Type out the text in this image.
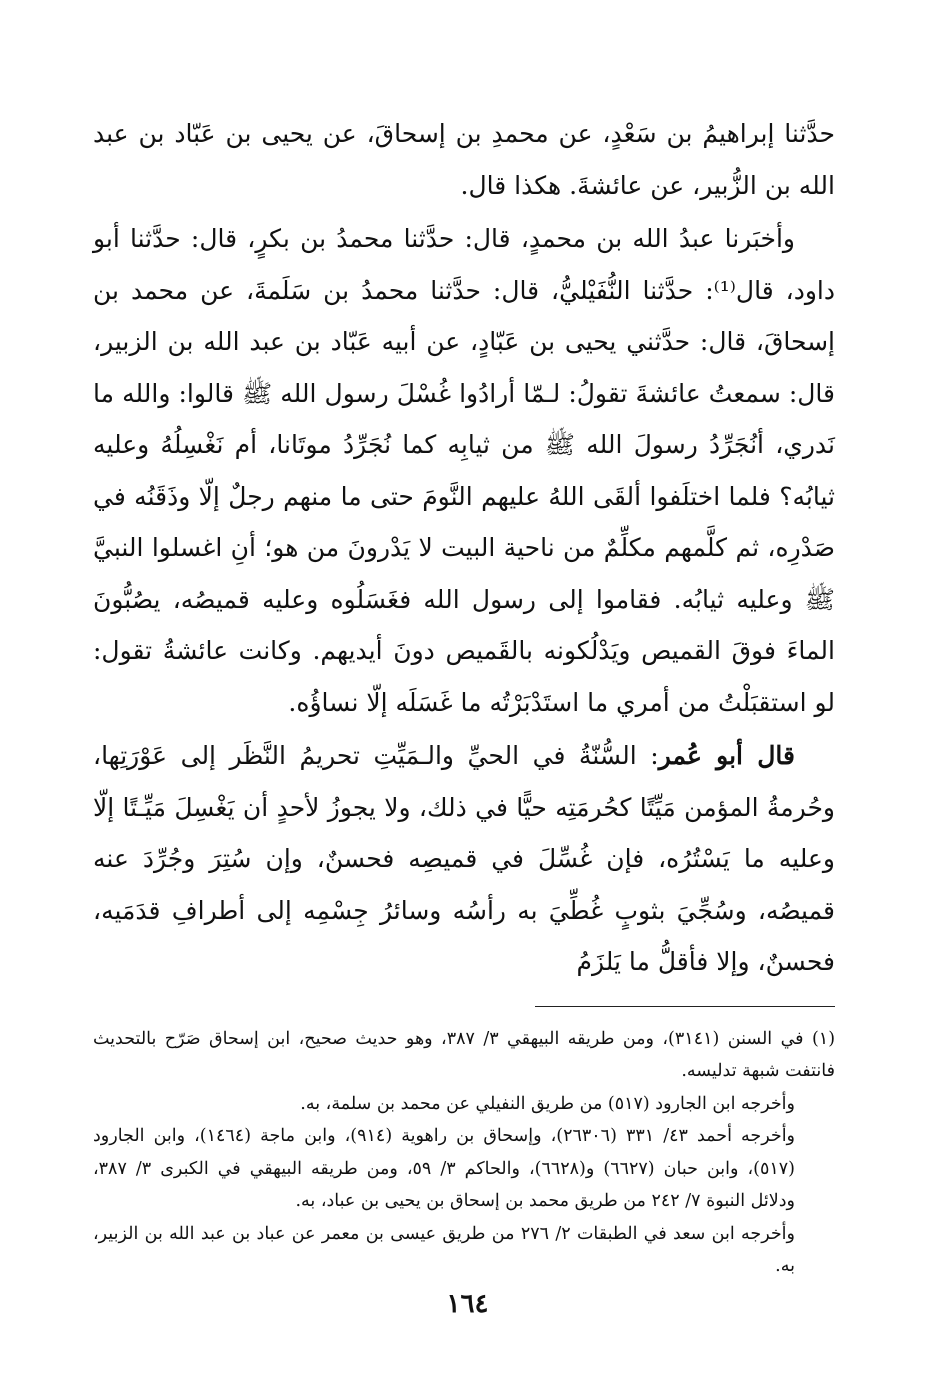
حدَّثنا إبراهيمُ بن سَعْدٍ، عن محمدِ بن إسحاقَ، عن يحيى بن عَبّاد بن عبد الله بن الزُّبير، عن عائشةَ. هكذا قال.

وأخبَرنا عبدُ الله بن محمدٍ، قال: حدَّثنا محمدُ بن بكرٍ، قال: حدَّثنا أبو داود، قال⁽¹⁾: حدَّثنا النُّفَيْليُّ، قال: حدَّثنا محمدُ بن سَلَمةَ، عن محمد بن إسحاقَ، قال: حدَّثني يحيى بن عَبّادٍ، عن أبيه عَبّاد بن عبد الله بن الزبير، قال: سمعتُ عائشةَ تقولُ: لـمّا أرادُوا غُسْلَ رسول الله ﷺ قالوا: والله ما نَدري، أنُجَرِّدُ رسولَ الله ﷺ من ثيابِه كما نُجَرِّدُ موتَانا، أم نَغْسِلُهُ وعليه ثيابُه؟ فلما اختلَفوا ألقَى اللهُ عليهم النَّومَ حتى ما منهم رجلٌ إلّا وذَقَنُه في صَدْرِه، ثم كلَّمهم مكلِّمٌ من ناحية البيت لا يَدْرونَ من هو؛ أنِ اغسلوا النبيَّ ﷺ وعليه ثيابُه. فقاموا إلى رسول الله فغَسَلُوه وعليه قميصُه، يصُبُّونَ الماءَ فوقَ القميص ويَدْلُكونه بالقَميص دونَ أيديهم. وكانت عائشةُ تقول: لو استقبَلْتُ من أمري ما استَدْبَرْتُه ما غَسَلَه إلّا نساؤُه.

قال أبو عُمر: السُّنّةُ في الحيِّ والـمَيِّتِ تحريمُ النَّظَر إلى عَوْرَتِها، وحُرمةُ المؤمن مَيِّتًا كحُرمَتِه حيًّا في ذلك، ولا يجوزُ لأحدٍ أن يَغْسِلَ مَيِّـتًا إلّا وعليه ما يَسْتُرُه، فإن غُسِّلَ في قميصِه فحسنٌ، وإن سُتِرَ وجُرِّدَ عنه قميصُه، وسُجِّيَ بثوبٍ غُطِّيَ به رأسُه وسائرُ جِسْمِه إلى أطرافِ قدَمَيه، فحسنٌ، وإلا فأقلُّ ما يَلزَمُ

(١) في السنن (٣١٤١)، ومن طريقه البيهقي ٣/ ٣٨٧، وهو حديث صحيح، ابن إسحاق صَرّح بالتحديث فانتفت شبهة تدليسه.

وأخرجه ابن الجارود (٥١٧) من طريق النفيلي عن محمد بن سلمة، به.

وأخرجه أحمد ٤٣/ ٣٣١ (٢٦٣٠٦)، وإسحاق بن راهوية (٩١٤)، وابن ماجة (١٤٦٤)، وابن الجارود (٥١٧)، وابن حبان (٦٦٢٧) و(٦٦٢٨)، والحاكم ٣/ ٥٩، ومن طريقه البيهقي في الكبرى ٣/ ٣٨٧، ودلائل النبوة ٧/ ٢٤٢ من طريق محمد بن إسحاق بن يحيى بن عباد، به.

وأخرجه ابن سعد في الطبقات ٢/ ٢٧٦ من طريق عيسى بن معمر عن عباد بن عبد الله بن الزبير، به.

١٦٤
